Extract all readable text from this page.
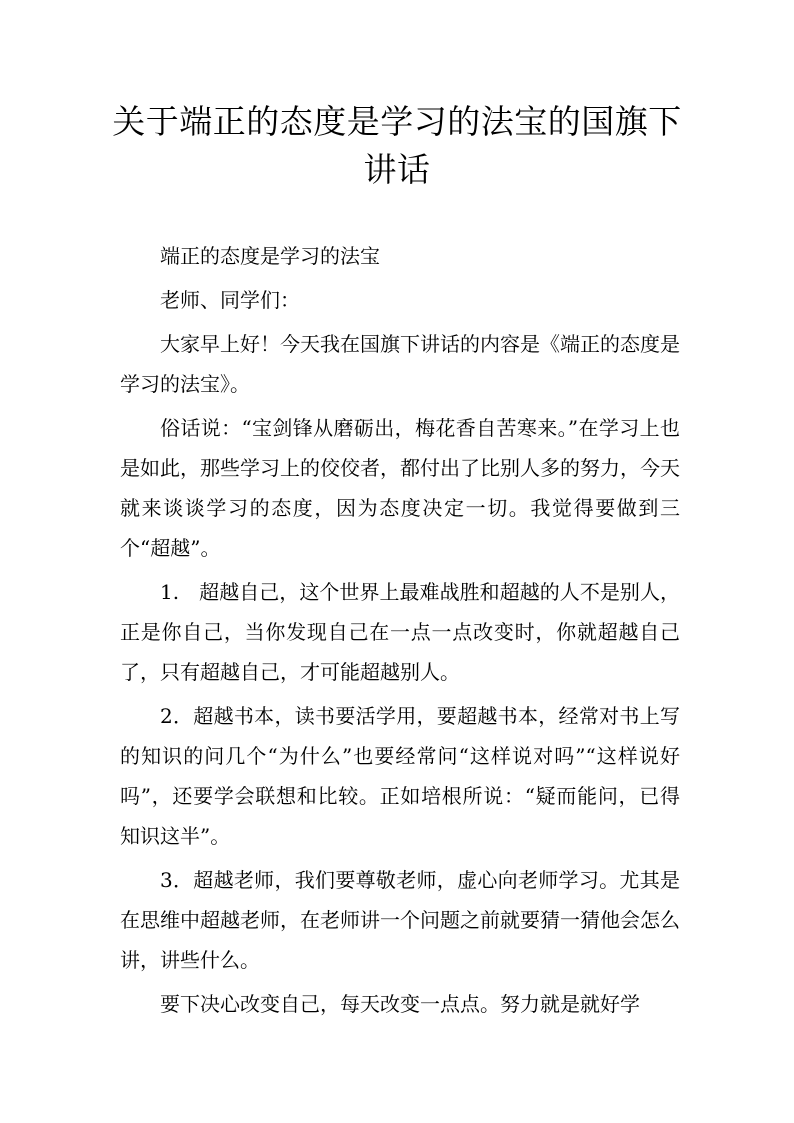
关于端正的态度是学习的法宝的国旗下讲话

端正的态度是学习的法宝

老师、同学们：

大家早上好！今天我在国旗下讲话的内容是《端正的态度是学习的法宝》。

俗话说：“宝剑锋从磨砺出，梅花香自苦寒来。”在学习上也是如此，那些学习上的佼佼者，都付出了比别人多的努力，今天就来谈谈学习的态度，因为态度决定一切。我觉得要做到三个“超越”。

1.　超越自己，这个世界上最难战胜和超越的人不是别人，正是你自己，当你发现自己在一点一点改变时，你就超越自己了，只有超越自己，才可能超越别人。

2．超越书本，读书要活学用，要超越书本，经常对书上写的知识的问几个“为什么”也要经常问“这样说对吗”“这样说好吗”，还要学会联想和比较。正如培根所说：“疑而能问，已得知识这半”。

3．超越老师，我们要尊敬老师，虚心向老师学习。尤其是在思维中超越老师，在老师讲一个问题之前就要猜一猜他会怎么讲，讲些什么。

要下决心改变自己，每天改变一点点。努力就是就好学
